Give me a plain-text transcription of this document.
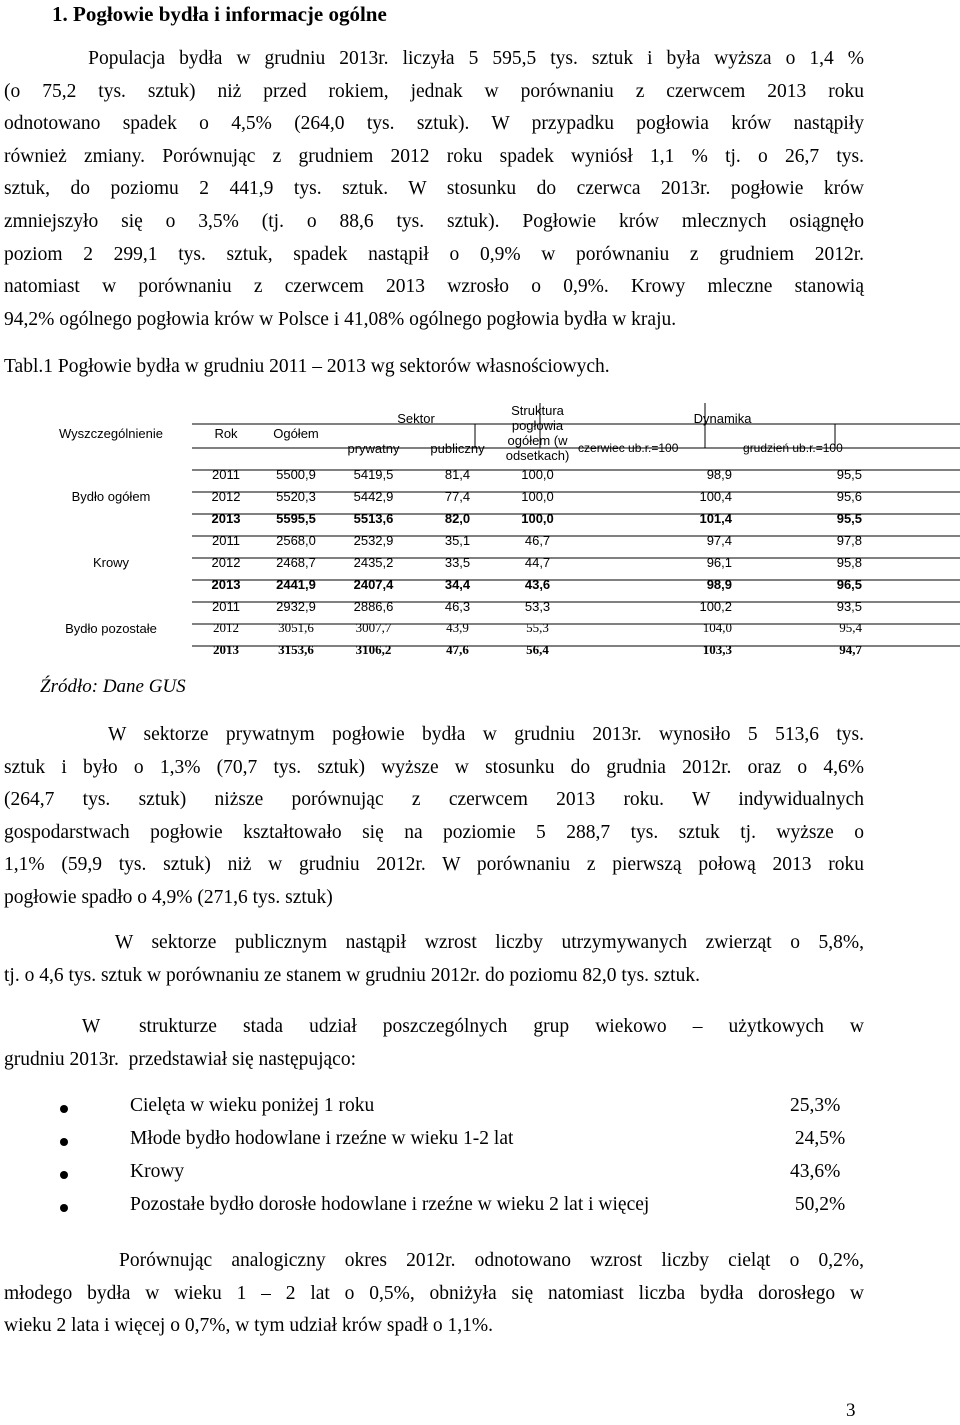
1. Pogłowie bydła i informacje ogólne
Populacja bydła w grudniu 2013r. liczyła 5 595,5 tys. sztuk i była wyższa o 1,4 %
(o 75,2 tys. sztuk) niż przed rokiem, jednak w porównaniu z czerwcem 2013 roku
odnotowano spadek o 4,5% (264,0 tys. sztuk). W przypadku pogłowia krów nastąpiły
również zmiany. Porównując z grudniem 2012 roku spadek wyniósł 1,1 % tj. o 26,7 tys.
sztuk, do poziomu 2 441,9 tys. sztuk. W stosunku do czerwca 2013r. pogłowie krów
zmniejszyło się o 3,5% (tj. o 88,6 tys. sztuk). Pogłowie krów mlecznych osiągnęło
poziom 2 299,1 tys. sztuk, spadek nastąpił o 0,9% w porównaniu z grudniem 2012r.
natomiast w porównaniu z czerwcem 2013 wzrosło o 0,9%. Krowy mleczne stanowią
94,2% ogólnego pogłowia krów w Polsce i 41,08% ogólnego pogłowia bydła w kraju.
Tabl.1 Pogłowie bydła w grudniu 2011 – 2013 wg sektorów własnościowych.
Wyszczególnienie	Rok	Ogółem	Sektor		Struktura pogłowia	Dynamika	
			prywatny	publiczny	ogółem (w odsetkach)	czerwiec ub.r.=100	grudzień ub.r.=100
Bydło ogółem	2011	5500,9	5419,5	81,4	100,0	98,9	95,5
	2012	5520,3	5442,9	77,4	100,0	100,4	95,6
	2013	5595,5	5513,6	82,0	100,0	101,4	95,5
Krowy	2011	2568,0	2532,9	35,1	46,7	97,4	97,8
	2012	2468,7	2435,2	33,5	44,7	96,1	95,8
	2013	2441,9	2407,4	34,4	43,6	98,9	96,5
Bydło pozostałe	2011	2932,9	2886,6	46,3	53,3	100,2	93,5
	2012	3051,6	3007,7	43,9	55,3	104,0	95,4
	2013	3153,6	3106,2	47,6	56,4	103,3	94,7
Źródło: Dane GUS
W sektorze prywatnym pogłowie bydła w grudniu 2013r. wynosiło 5 513,6 tys.
sztuk i było o 1,3% (70,7 tys. sztuk) wyższe w stosunku do grudnia 2012r. oraz o 4,6%
(264,7 tys. sztuk) niższe porównując z czerwcem 2013 roku. W indywidualnych
gospodarstwach pogłowie kształtowało się na poziomie 5 288,7 tys. sztuk tj. wyższe o
1,1% (59,9 tys. sztuk) niż w grudniu 2012r. W porównaniu z pierwszą połową 2013 roku
pogłowie spadło o 4,9% (271,6 tys. sztuk)
W sektorze publicznym nastąpił wzrost liczby utrzymywanych zwierząt o 5,8%,
tj. o 4,6 tys. sztuk w porównaniu ze stanem w grudniu 2012r. do poziomu 82,0 tys. sztuk.
W   strukturze  stada  udział  poszczególnych  grup  wiekowo  –  użytkowych  w
grudniu 2013r.  przedstawiał się następująco:
Cielęta w wieku poniżej 1 roku	25,3%
Młode bydło hodowlane i rzeźne w wieku 1-2 lat	24,5%
Krowy	43,6%
Pozostałe bydło dorosłe hodowlane i rzeźne w wieku 2 lat i więcej	50,2%
Porównując analogiczny okres 2012r. odnotowano wzrost liczby cieląt o 0,2%,
młodego bydła w wieku 1 – 2 lat o 0,5%, obniżyła się natomiast liczba bydła dorosłego w
wieku 2 lata i więcej o 0,7%, w tym udział krów spadł o 1,1%.
3
